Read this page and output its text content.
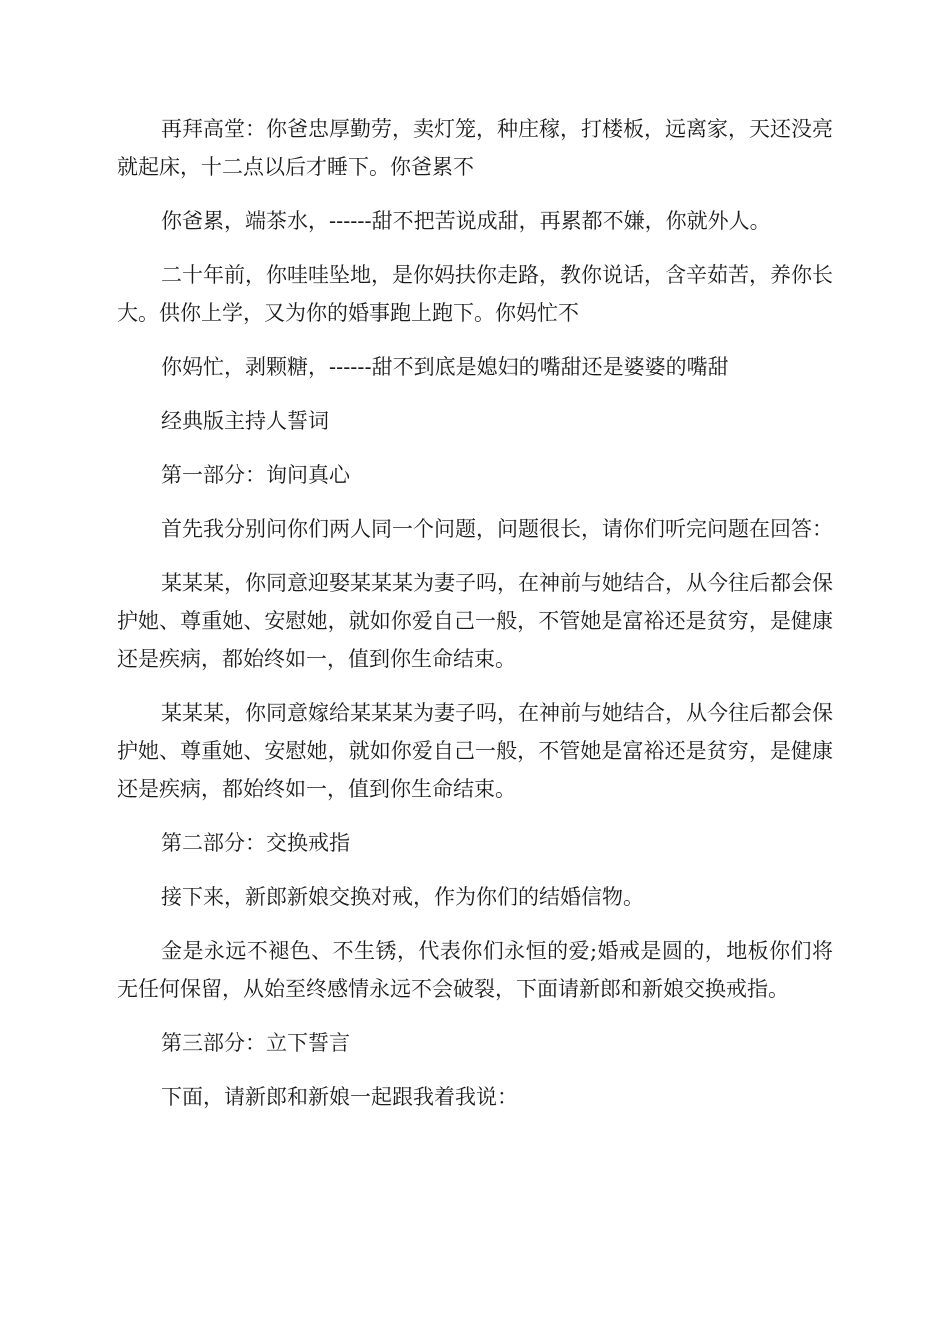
再拜高堂：你爸忠厚勤劳，卖灯笼，种庄稼，打楼板，远离家，天还没亮就起床，十二点以后才睡下。你爸累不

你爸累，端茶水，------甜不把苦说成甜，再累都不嫌，你就外人。

二十年前，你哇哇坠地，是你妈扶你走路，教你说话，含辛茹苦，养你长大。供你上学，又为你的婚事跑上跑下。你妈忙不

你妈忙，剥颗糖，------甜不到底是媳妇的嘴甜还是婆婆的嘴甜

经典版主持人誓词

第一部分：询问真心

首先我分别问你们两人同一个问题，问题很长，请你们听完问题在回答：

某某某，你同意迎娶某某某为妻子吗，在神前与她结合，从今往后都会保护她、尊重她、安慰她，就如你爱自己一般，不管她是富裕还是贫穷，是健康还是疾病，都始终如一，值到你生命结束。

某某某，你同意嫁给某某某为妻子吗，在神前与她结合，从今往后都会保护她、尊重她、安慰她，就如你爱自己一般，不管她是富裕还是贫穷，是健康还是疾病，都始终如一，值到你生命结束。

第二部分：交换戒指

接下来，新郎新娘交换对戒，作为你们的结婚信物。

金是永远不褪色、不生锈，代表你们永恒的爱;婚戒是圆的，地板你们将无任何保留，从始至终感情永远不会破裂，下面请新郎和新娘交换戒指。

第三部分：立下誓言

下面，请新郎和新娘一起跟我着我说：
